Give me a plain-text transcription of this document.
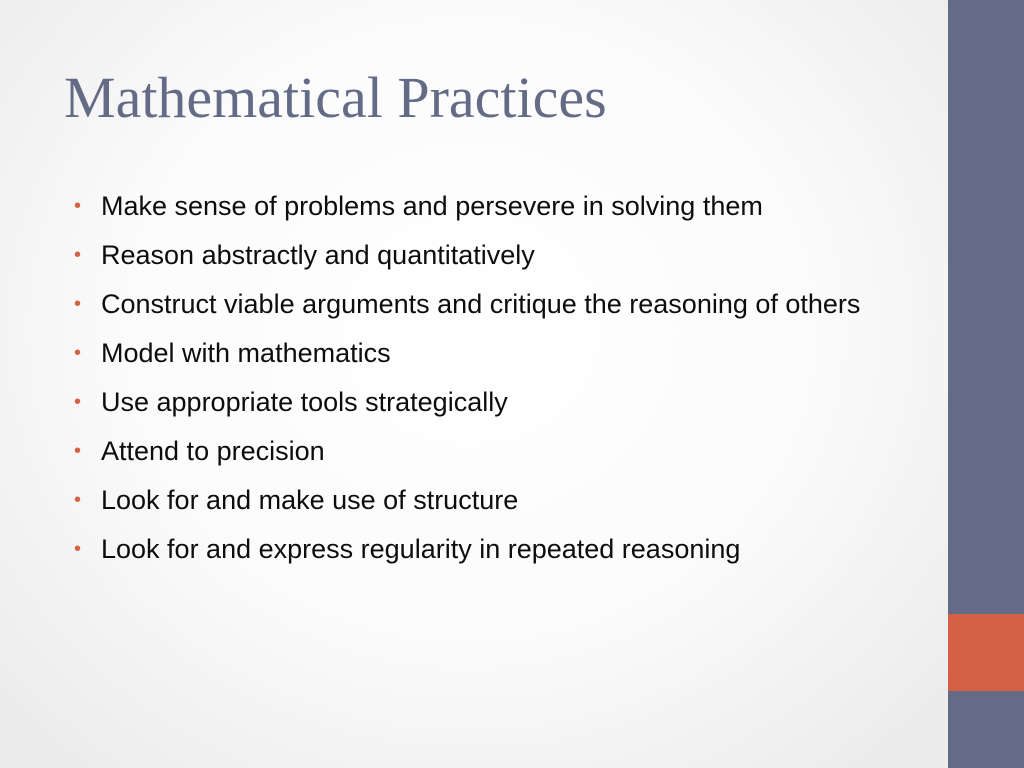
Mathematical Practices
• Make sense of problems and persevere in solving them
• Reason abstractly and quantitatively
• Construct viable arguments and critique the reasoning of others
• Model with mathematics
• Use appropriate tools strategically
• Attend to precision
• Look for and make use of structure
• Look for and express regularity in repeated reasoning
